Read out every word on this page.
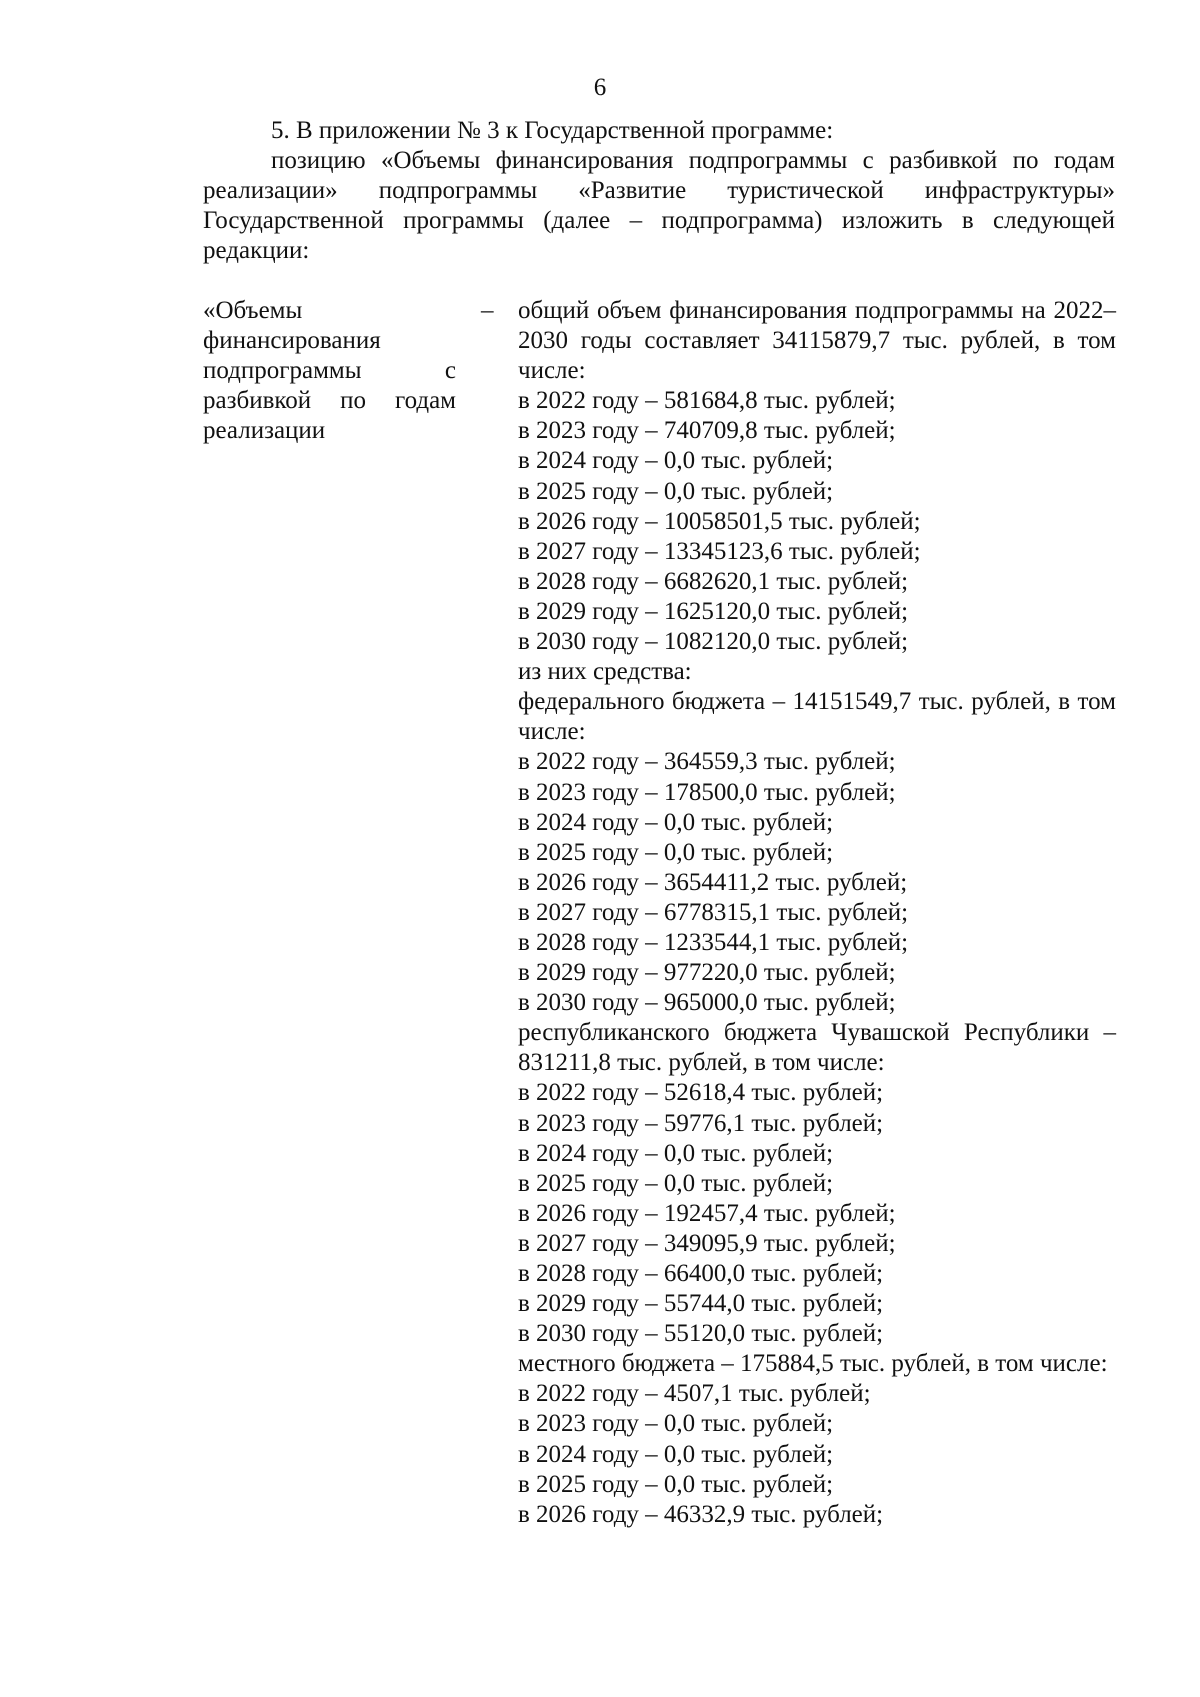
6

5. В приложении № 3 к Государственной программе:

позицию «Объемы финансирования подпрограммы с разбивкой по годам реализации» подпрограммы «Развитие туристической инфраструктуры» Государственной программы (далее – подпрограмма) изложить в следующей редакции:

«Объемы финансирования подпрограммы с разбивкой по годам реализации
– общий объем финансирования подпрограммы на 2022–2030 годы составляет 34115879,7 тыс. рублей, в том числе:
в 2022 году – 581684,8 тыс. рублей;
в 2023 году – 740709,8 тыс. рублей;
в 2024 году – 0,0 тыс. рублей;
в 2025 году – 0,0 тыс. рублей;
в 2026 году – 10058501,5 тыс. рублей;
в 2027 году – 13345123,6 тыс. рублей;
в 2028 году – 6682620,1 тыс. рублей;
в 2029 году – 1625120,0 тыс. рублей;
в 2030 году – 1082120,0 тыс. рублей;
из них средства:
федерального бюджета – 14151549,7 тыс. рублей, в том числе:
в 2022 году – 364559,3 тыс. рублей;
в 2023 году – 178500,0 тыс. рублей;
в 2024 году – 0,0 тыс. рублей;
в 2025 году – 0,0 тыс. рублей;
в 2026 году – 3654411,2 тыс. рублей;
в 2027 году – 6778315,1 тыс. рублей;
в 2028 году – 1233544,1 тыс. рублей;
в 2029 году – 977220,0 тыс. рублей;
в 2030 году – 965000,0 тыс. рублей;
республиканского бюджета Чувашской Республики – 831211,8 тыс. рублей, в том числе:
в 2022 году – 52618,4 тыс. рублей;
в 2023 году – 59776,1 тыс. рублей;
в 2024 году – 0,0 тыс. рублей;
в 2025 году – 0,0 тыс. рублей;
в 2026 году – 192457,4 тыс. рублей;
в 2027 году – 349095,9 тыс. рублей;
в 2028 году – 66400,0 тыс. рублей;
в 2029 году – 55744,0 тыс. рублей;
в 2030 году – 55120,0 тыс. рублей;
местного бюджета – 175884,5 тыс. рублей, в том числе:
в 2022 году – 4507,1 тыс. рублей;
в 2023 году – 0,0 тыс. рублей;
в 2024 году – 0,0 тыс. рублей;
в 2025 году – 0,0 тыс. рублей;
в 2026 году – 46332,9 тыс. рублей;
